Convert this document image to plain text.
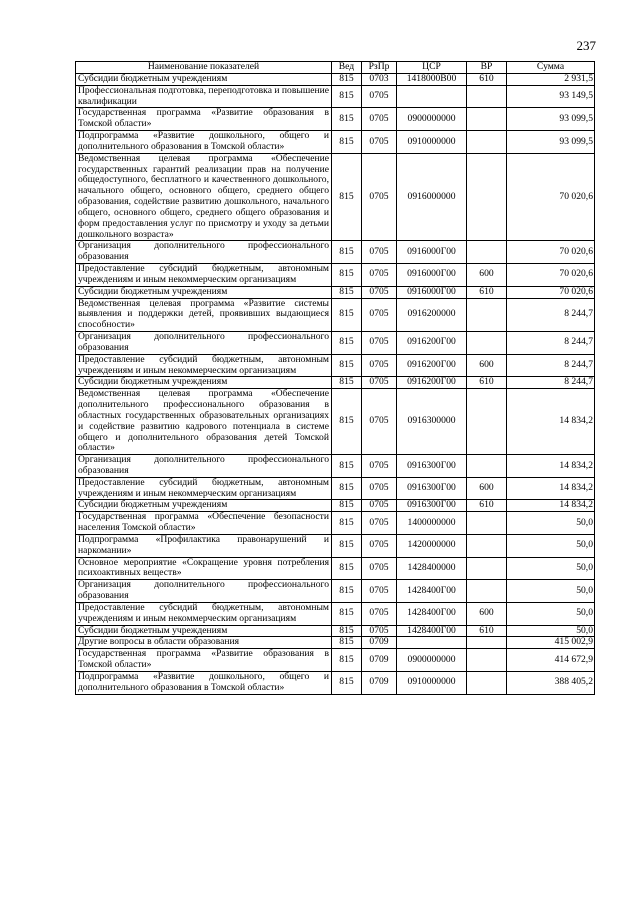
237
Наименование показателей	Вед	РзПр	ЦСР	ВР	Сумма
Субсидии бюджетным учреждениям	815	0703	1418000В00	610	2 931,5
Профессиональная подготовка, переподготовка и повышение квалификации	815	0705			93 149,5
Государственная программа «Развитие образования в Томской области»	815	0705	0900000000		93 099,5
Подпрограмма «Развитие дошкольного, общего и дополнительного образования в Томской области»	815	0705	0910000000		93 099,5
Ведомственная целевая программа «Обеспечение государственных гарантий реализации прав на получение общедоступного, бесплатного и качественного дошкольного, начального общего, основного общего, среднего общего образования, содействие развитию дошкольного, начального общего, основного общего, среднего общего образования и форм предоставления услуг по присмотру и уходу за детьми дошкольного возраста»	815	0705	0916000000		70 020,6
Организация дополнительного профессионального образования	815	0705	0916000Г00		70 020,6
Предоставление субсидий бюджетным, автономным учреждениям и иным некоммерческим организациям	815	0705	0916000Г00	600	70 020,6
Субсидии бюджетным учреждениям	815	0705	0916000Г00	610	70 020,6
Ведомственная целевая программа «Развитие системы выявления и поддержки детей, проявивших выдающиеся способности»	815	0705	0916200000		8 244,7
Организация дополнительного профессионального образования	815	0705	0916200Г00		8 244,7
Предоставление субсидий бюджетным, автономным учреждениям и иным некоммерческим организациям	815	0705	0916200Г00	600	8 244,7
Субсидии бюджетным учреждениям	815	0705	0916200Г00	610	8 244,7
Ведомственная целевая программа «Обеспечение дополнительного профессионального образования в областных государственных образовательных организациях и содействие развитию кадрового потенциала в системе общего и дополнительного образования детей Томской области»	815	0705	0916300000		14 834,2
Организация дополнительного профессионального образования	815	0705	0916300Г00		14 834,2
Предоставление субсидий бюджетным, автономным учреждениям и иным некоммерческим организациям	815	0705	0916300Г00	600	14 834,2
Субсидии бюджетным учреждениям	815	0705	0916300Г00	610	14 834,2
Государственная программа «Обеспечение безопасности населения Томской области»	815	0705	1400000000		50,0
Подпрограмма «Профилактика правонарушений и наркомании»	815	0705	1420000000		50,0
Основное мероприятие «Сокращение уровня потребления психоактивных веществ»	815	0705	1428400000		50,0
Организация дополнительного профессионального образования	815	0705	1428400Г00		50,0
Предоставление субсидий бюджетным, автономным учреждениям и иным некоммерческим организациям	815	0705	1428400Г00	600	50,0
Субсидии бюджетным учреждениям	815	0705	1428400Г00	610	50,0
Другие вопросы в области образования	815	0709			415 002,9
Государственная программа «Развитие образования в Томской области»	815	0709	0900000000		414 672,9
Подпрограмма «Развитие дошкольного, общего и дополнительного образования в Томской области»	815	0709	0910000000		388 405,2
